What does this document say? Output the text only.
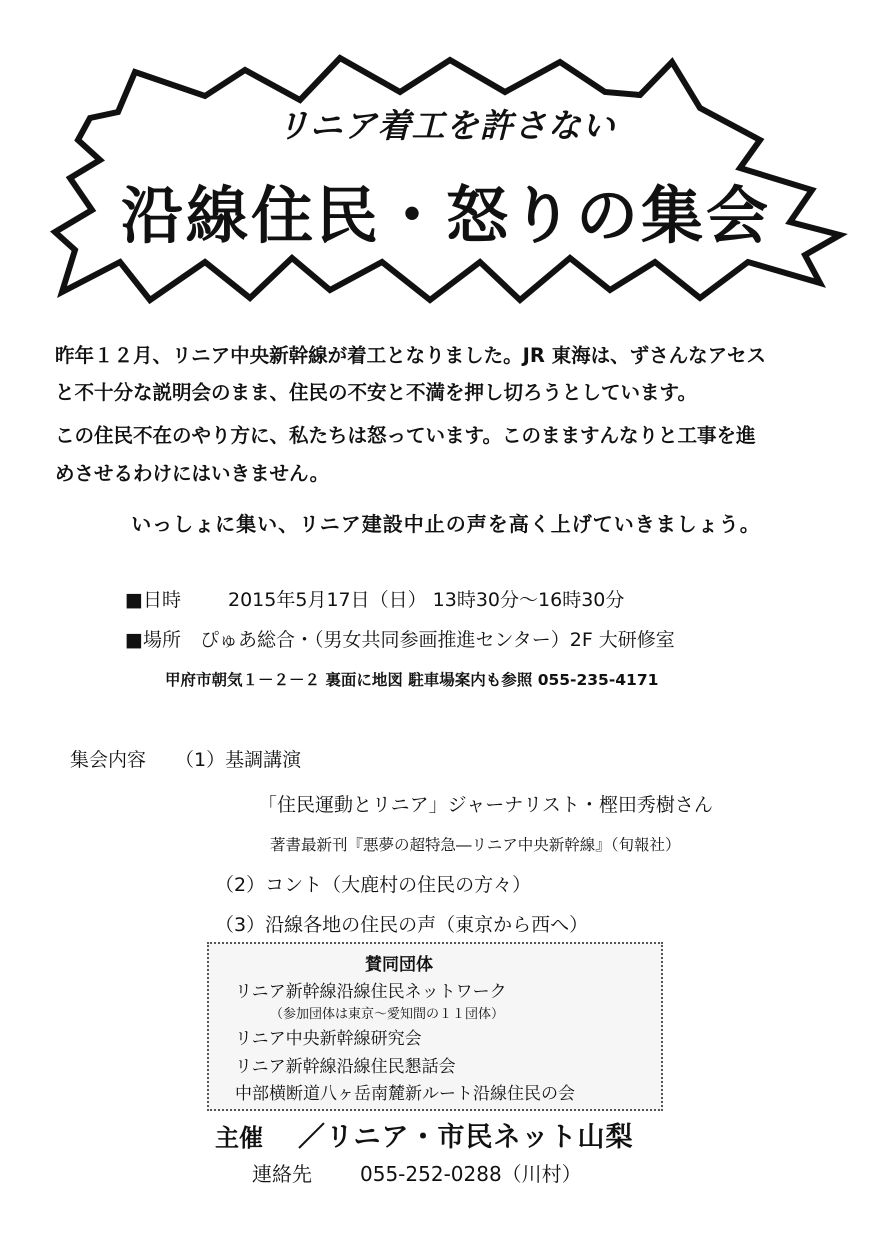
リニア着工を許さない
沿線住民・怒りの集会
昨年１２月、リニア中央新幹線が着工となりました。JR 東海は、ずさんなアセス
と不十分な説明会のまま、住民の不安と不満を押し切ろうとしています。
この住民不在のやり方に、私たちは怒っています。このまますんなりと工事を進
めさせるわけにはいきません。
いっしょに集い、リニア建設中止の声を高く上げていきましょう。
■日時 2015年5月17日（日） 13時30分～16時30分
■場所 ぴゅあ総合・（男女共同参画推進センター）2F 大研修室
甲府市朝気１－２－２ 裏面に地図 駐車場案内も参照 055-235-4171
集会内容 （1）基調講演
「住民運動とリニア」ジャーナリスト・樫田秀樹さん
著書最新刊『悪夢の超特急―リニア中央新幹線』（旬報社）
（2）コント（大鹿村の住民の方々）
（3）沿線各地の住民の声（東京から西へ）
賛同団体
リニア新幹線沿線住民ネットワーク
（参加団体は東京～愛知間の１１団体）
リニア中央新幹線研究会
リニア新幹線沿線住民懇話会
中部横断道八ヶ岳南麓新ルート沿線住民の会
主催 ／リニア・市民ネット山梨
連絡先 055-252-0288（川村）
